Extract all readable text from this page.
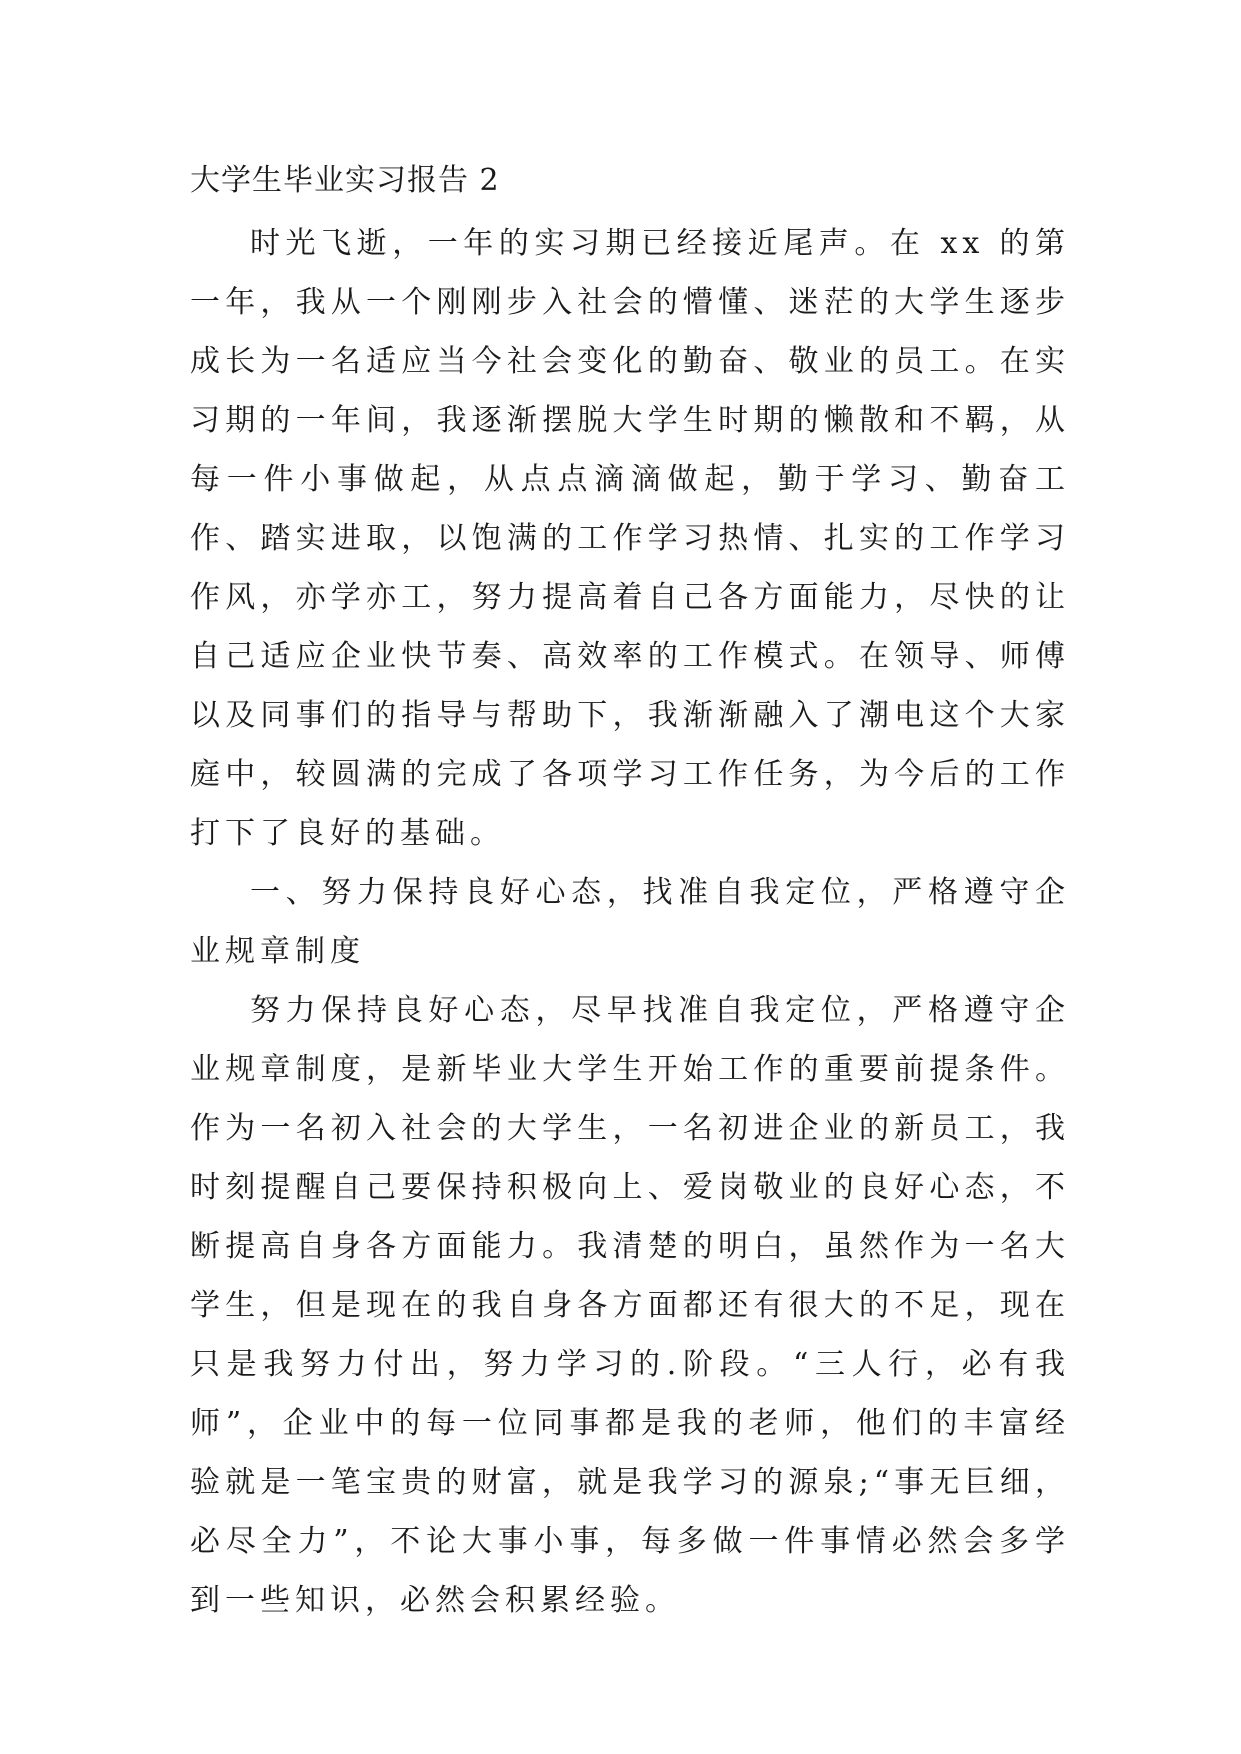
大学生毕业实习报告 2

时光飞逝，一年的实习期已经接近尾声。在 xx 的第一年，我从一个刚刚步入社会的懵懂、迷茫的大学生逐步成长为一名适应当今社会变化的勤奋、敬业的员工。在实习期的一年间，我逐渐摆脱大学生时期的懒散和不羁，从每一件小事做起，从点点滴滴做起，勤于学习、勤奋工作、踏实进取，以饱满的工作学习热情、扎实的工作学习作风，亦学亦工，努力提高着自己各方面能力，尽快的让自己适应企业快节奏、高效率的工作模式。在领导、师傅以及同事们的指导与帮助下，我渐渐融入了潮电这个大家庭中，较圆满的完成了各项学习工作任务，为今后的工作打下了良好的基础。

一、努力保持良好心态，找准自我定位，严格遵守企业规章制度

努力保持良好心态，尽早找准自我定位，严格遵守企业规章制度，是新毕业大学生开始工作的重要前提条件。作为一名初入社会的大学生，一名初进企业的新员工，我时刻提醒自己要保持积极向上、爱岗敬业的良好心态，不断提高自身各方面能力。我清楚的明白，虽然作为一名大学生，但是现在的我自身各方面都还有很大的不足，现在只是我努力付出，努力学习的.阶段。“三人行，必有我师”，企业中的每一位同事都是我的老师，他们的丰富经验就是一笔宝贵的财富，就是我学习的源泉;“事无巨细，必尽全力”，不论大事小事，每多做一件事情必然会多学到一些知识，必然会积累经验。
